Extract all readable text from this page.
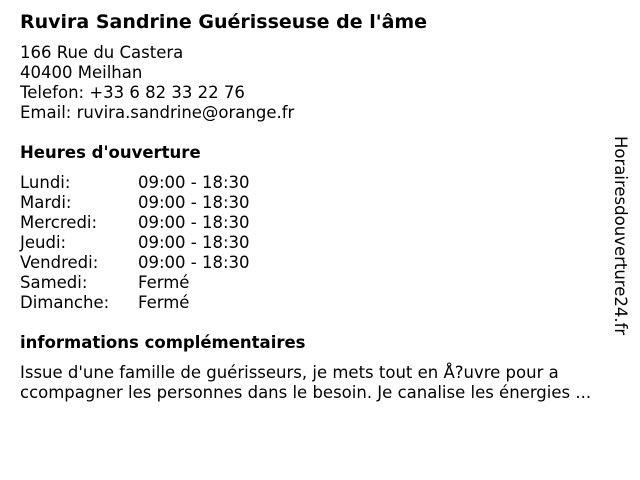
Ruvira Sandrine Guérisseuse de l'âme
166 Rue du Castera
40400 Meilhan
Telefon: +33 6 82 33 22 76
Email: ruvira.sandrine@orange.fr
Heures d'ouverture
Lundi:	09:00 - 18:30
Mardi:	09:00 - 18:30
Mercredi:	09:00 - 18:30
Jeudi:	09:00 - 18:30
Vendredi:	09:00 - 18:30
Samedi:	Fermé
Dimanche:	Fermé
informations complémentaires
Issue d'une famille de guérisseurs, je mets tout en Å?uvre pour a
ccompagner les personnes dans le besoin. Je canalise les énergies ...
Horairesdouverture24.fr
